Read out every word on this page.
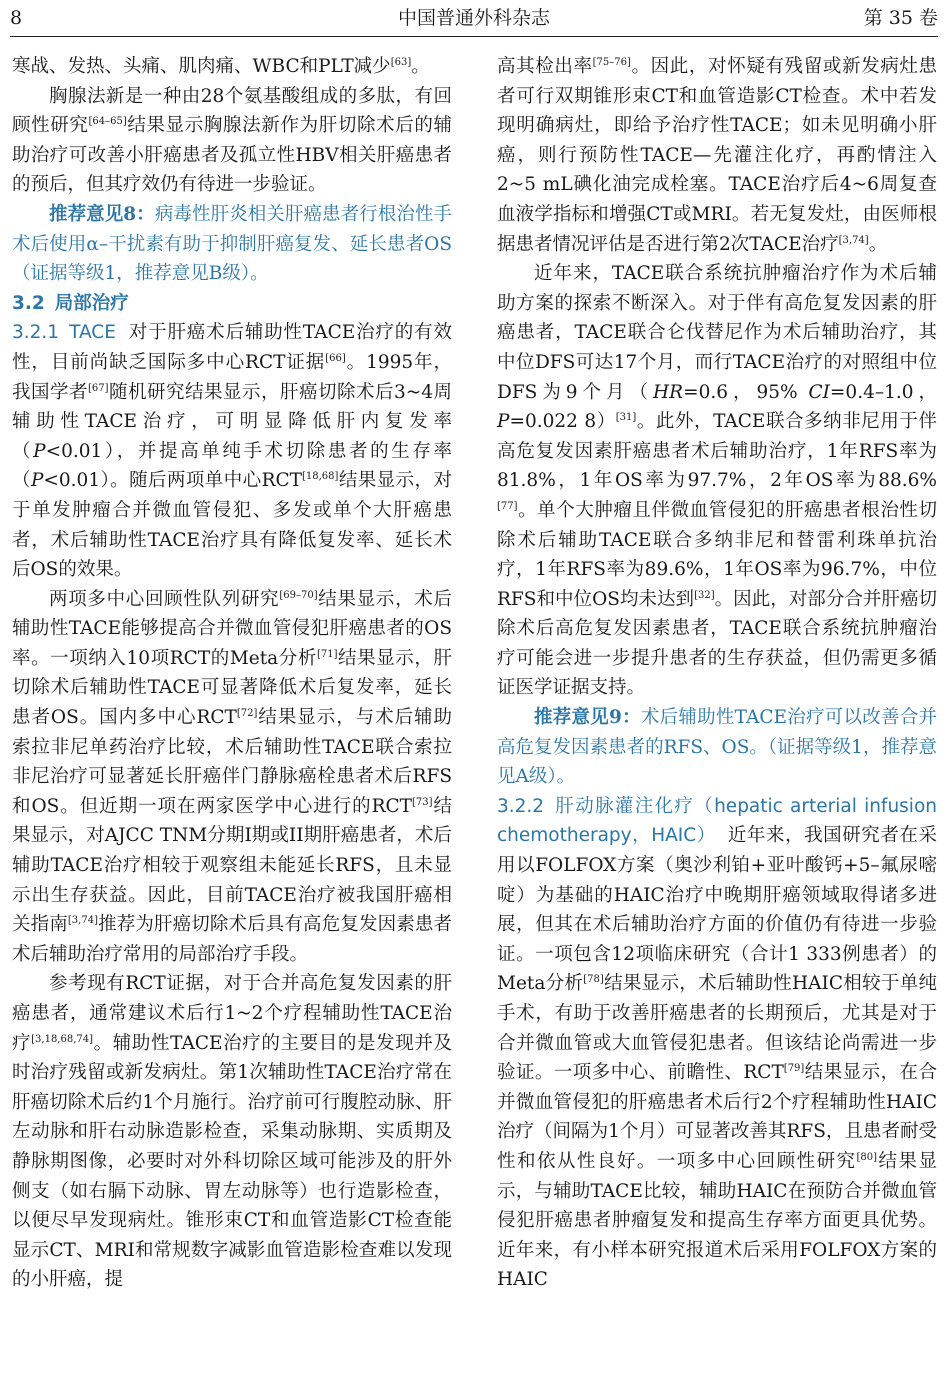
8	中国普通外科杂志	第 35 卷

寒战、发热、头痛、肌肉痛、WBC和PLT减少[63]。

胸腺法新是一种由28个氨基酸组成的多肽，有回顾性研究[64–65]结果显示胸腺法新作为肝切除术后的辅助治疗可改善小肝癌患者及孤立性HBV相关肝癌患者的预后，但其疗效仍有待进一步验证。

推荐意见8：病毒性肝炎相关肝癌患者行根治性手术后使用α–干扰素有助于抑制肝癌复发、延长患者OS（证据等级1，推荐意见B级）。

3.2 局部治疗

3.2.1 TACE 对于肝癌术后辅助性TACE治疗的有效性，目前尚缺乏国际多中心RCT证据[66]。1995年，我国学者[67]随机研究结果显示，肝癌切除术后3~4周辅助性TACE治疗，可明显降低肝内复发率（P<0.01），并提高单纯手术切除患者的生存率（P<0.01）。随后两项单中心RCT[18,68]结果显示，对于单发肿瘤合并微血管侵犯、多发或单个大肝癌患者，术后辅助性TACE治疗具有降低复发率、延长术后OS的效果。

两项多中心回顾性队列研究[69–70]结果显示，术后辅助性TACE能够提高合并微血管侵犯肝癌患者的OS率。一项纳入10项RCT的Meta分析[71]结果显示，肝切除术后辅助性TACE可显著降低术后复发率，延长患者OS。国内多中心RCT[72]结果显示，与术后辅助索拉非尼单药治疗比较，术后辅助性TACE联合索拉非尼治疗可显著延长肝癌伴门静脉癌栓患者术后RFS和OS。但近期一项在两家医学中心进行的RCT[73]结果显示，对AJCC TNM分期I期或II期肝癌患者，术后辅助TACE治疗相较于观察组未能延长RFS，且未显示出生存获益。因此，目前TACE治疗被我国肝癌相关指南[3,74]推荐为肝癌切除术后具有高危复发因素患者术后辅助治疗常用的局部治疗手段。

参考现有RCT证据，对于合并高危复发因素的肝癌患者，通常建议术后行1~2个疗程辅助性TACE治疗[3,18,68,74]。辅助性TACE治疗的主要目的是发现并及时治疗残留或新发病灶。第1次辅助性TACE治疗常在肝癌切除术后约1个月施行。治疗前可行腹腔动脉、肝左动脉和肝右动脉造影检查，采集动脉期、实质期及静脉期图像，必要时对外科切除区域可能涉及的肝外侧支（如右膈下动脉、胃左动脉等）也行造影检查，以便尽早发现病灶。锥形束CT和血管造影CT检查能显示CT、MRI和常规数字减影血管造影检查难以发现的小肝癌，提

高其检出率[75–76]。因此，对怀疑有残留或新发病灶患者可行双期锥形束CT和血管造影CT检查。术中若发现明确病灶，即给予治疗性TACE；如未见明确小肝癌，则行预防性TACE—先灌注化疗，再酌情注入2~5 mL碘化油完成栓塞。TACE治疗后4~6周复查血液学指标和增强CT或MRI。若无复发灶，由医师根据患者情况评估是否进行第2次TACE治疗[3,74]。

近年来，TACE联合系统抗肿瘤治疗作为术后辅助方案的探索不断深入。对于伴有高危复发因素的肝癌患者，TACE联合仑伐替尼作为术后辅助治疗，其中位DFS可达17个月，而行TACE治疗的对照组中位DFS为9个月（HR=0.6，95% CI=0.4–1.0，P=0.022 8）[31]。此外，TACE联合多纳非尼用于伴高危复发因素肝癌患者术后辅助治疗，1年RFS率为81.8%，1年OS率为97.7%，2年OS率为88.6%[77]。单个大肿瘤且伴微血管侵犯的肝癌患者根治性切除术后辅助TACE联合多纳非尼和替雷利珠单抗治疗，1年RFS率为89.6%，1年OS率为96.7%，中位RFS和中位OS均未达到[32]。因此，对部分合并肝癌切除术后高危复发因素患者，TACE联合系统抗肿瘤治疗可能会进一步提升患者的生存获益，但仍需更多循证医学证据支持。

推荐意见9：术后辅助性TACE治疗可以改善合并高危复发因素患者的RFS、OS。（证据等级1，推荐意见A级）。

3.2.2 肝动脉灌注化疗（hepatic arterial infusion chemotherapy，HAIC） 近年来，我国研究者在采用以FOLFOX方案（奥沙利铂+亚叶酸钙+5–氟尿嘧啶）为基础的HAIC治疗中晚期肝癌领域取得诸多进展，但其在术后辅助治疗方面的价值仍有待进一步验证。一项包含12项临床研究（合计1 333例患者）的Meta分析[78]结果显示，术后辅助性HAIC相较于单纯手术，有助于改善肝癌患者的长期预后，尤其是对于合并微血管或大血管侵犯患者。但该结论尚需进一步验证。一项多中心、前瞻性、RCT[79]结果显示，在合并微血管侵犯的肝癌患者术后行2个疗程辅助性HAIC治疗（间隔为1个月）可显著改善其RFS，且患者耐受性和依从性良好。一项多中心回顾性研究[80]结果显示，与辅助TACE比较，辅助HAIC在预防合并微血管侵犯肝癌患者肿瘤复发和提高生存率方面更具优势。近年来，有小样本研究报道术后采用FOLFOX方案的HAIC
